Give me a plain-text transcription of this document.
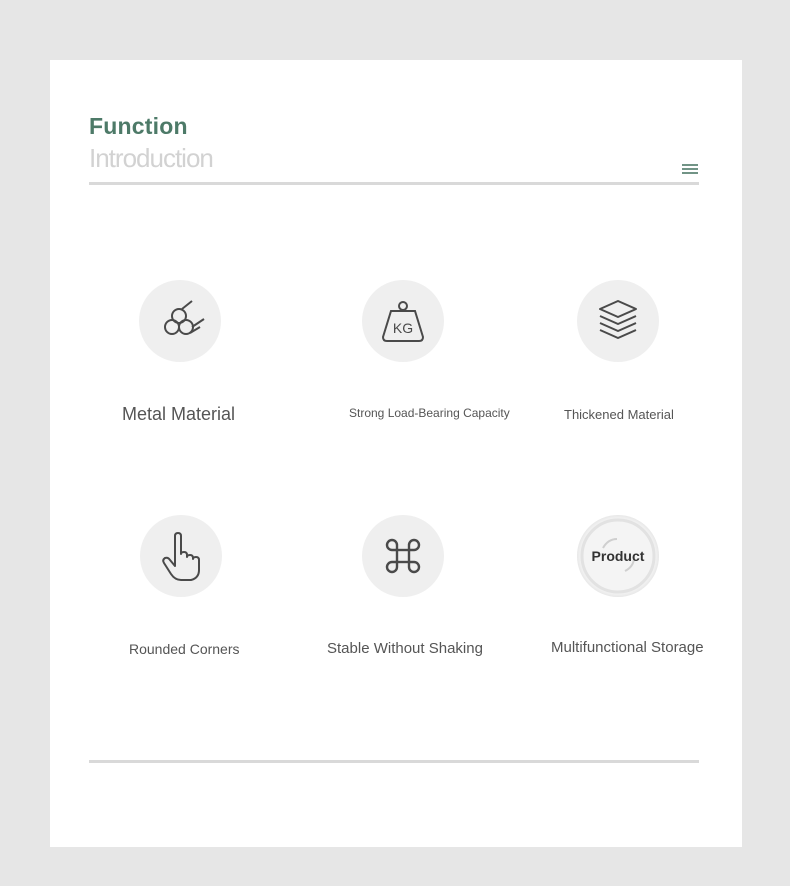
Function
Introduction
Metal Material
KG
Strong Load-Bearing Capacity	Thickened Material
Rounded Corners	Stable Without Shaking
Product
Multifunctional Storage
